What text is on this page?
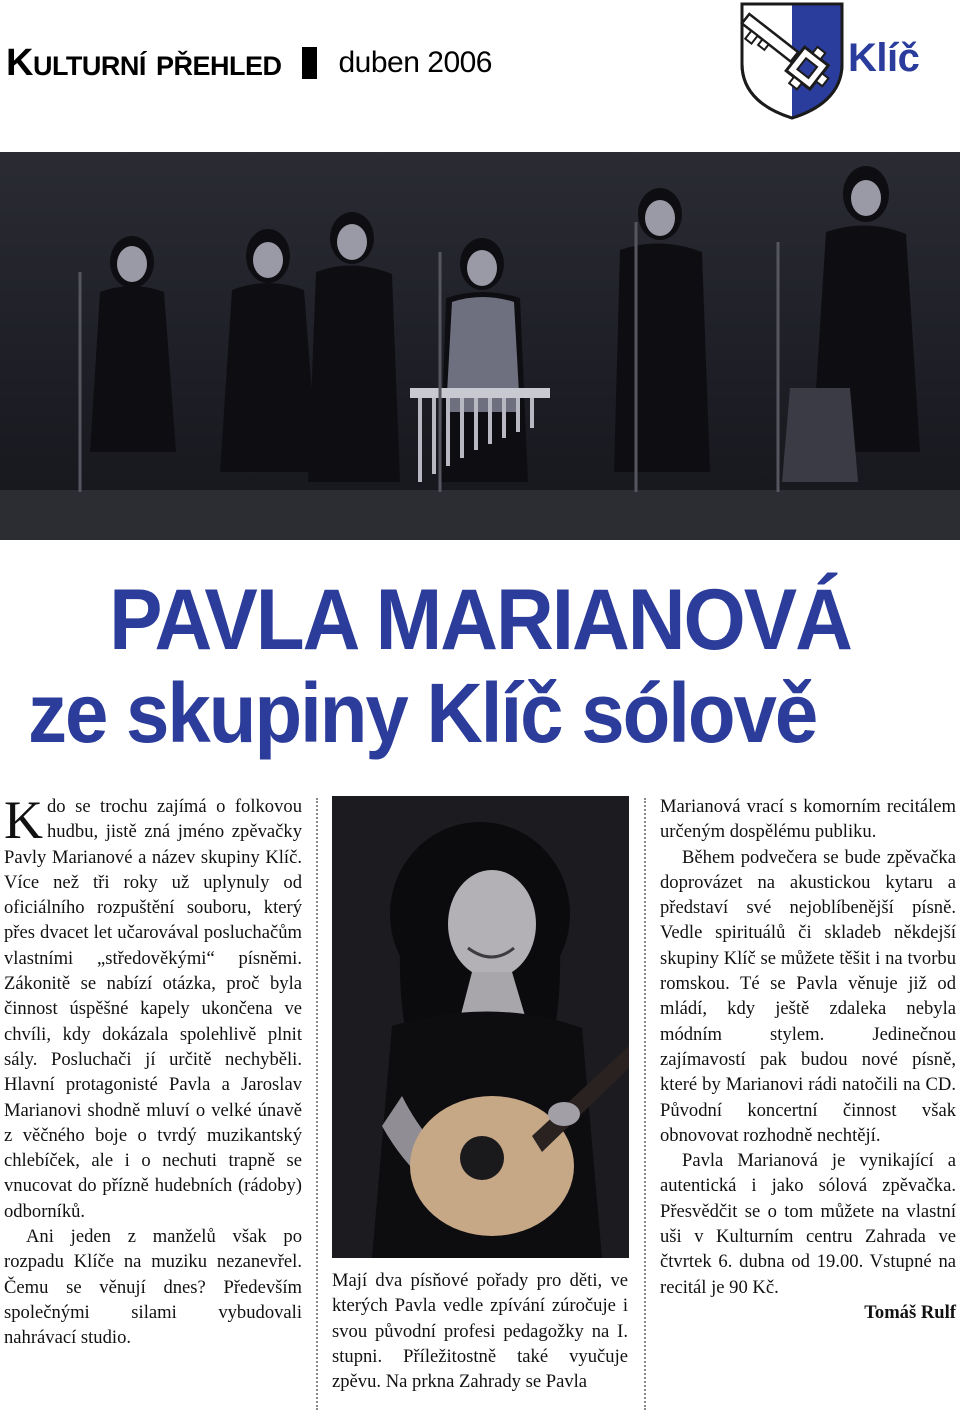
Kulturní přehled duben 2006	Klíč
PAVLA MARIANOVÁ
ze skupiny Klíč sólově

Kdo se trochu zajímá o folkovou hudbu, jistě zná jméno zpěvačky Pavly Marianové a název skupiny Klíč. Více než tři roky už uplynuly od oficiálního rozpuštění souboru, který přes dvacet let učarovával posluchačům vlastními „středověkými“ písněmi. Zákonitě se nabízí otázka, proč byla činnost úspěšné kapely ukončena ve chvíli, kdy dokázala spolehlivě plnit sály. Posluchači jí určitě nechyběli. Hlavní protagonisté Pavla a Jaroslav Marianovi shodně mluví o velké únavě z věčného boje o tvrdý muzikantský chlebíček, ale i o nechuti trapně se vnucovat do přízně hudebních (rádoby) odborníků.

Ani jeden z manželů však po rozpadu Klíče na muziku nezanevřel. Čemu se věnují dnes? Především společnými silami vybudovali nahrávací studio.

Mají dva písňové pořady pro děti, ve kterých Pavla vedle zpívání zúročuje i svou původní profesi pedagožky na I. stupni. Příležitostně také vyučuje zpěvu. Na prkna Zahrady se Pavla

Marianová vrací s komorním recitálem určeným dospělému publiku.

Během podvečera se bude zpěvačka doprovázet na akustickou kytaru a představí své nejoblíbenější písně. Vedle spirituálů či skladeb někdejší skupiny Klíč se můžete těšit i na tvorbu romskou. Té se Pavla věnuje již od mládí, kdy ještě zdaleka nebyla módním stylem. Jedinečnou zajímavostí pak budou nové písně, které by Marianovi rádi natočili na CD. Původní koncertní činnost však obnovovat rozhodně nechtějí.

Pavla Marianová je vynikající a autentická i jako sólová zpěvačka. Přesvědčit se o tom můžete na vlastní uši v Kulturním centru Zahrada ve čtvrtek 6. dubna od 19.00. Vstupné na recitál je 90 Kč.

Tomáš Rulf
